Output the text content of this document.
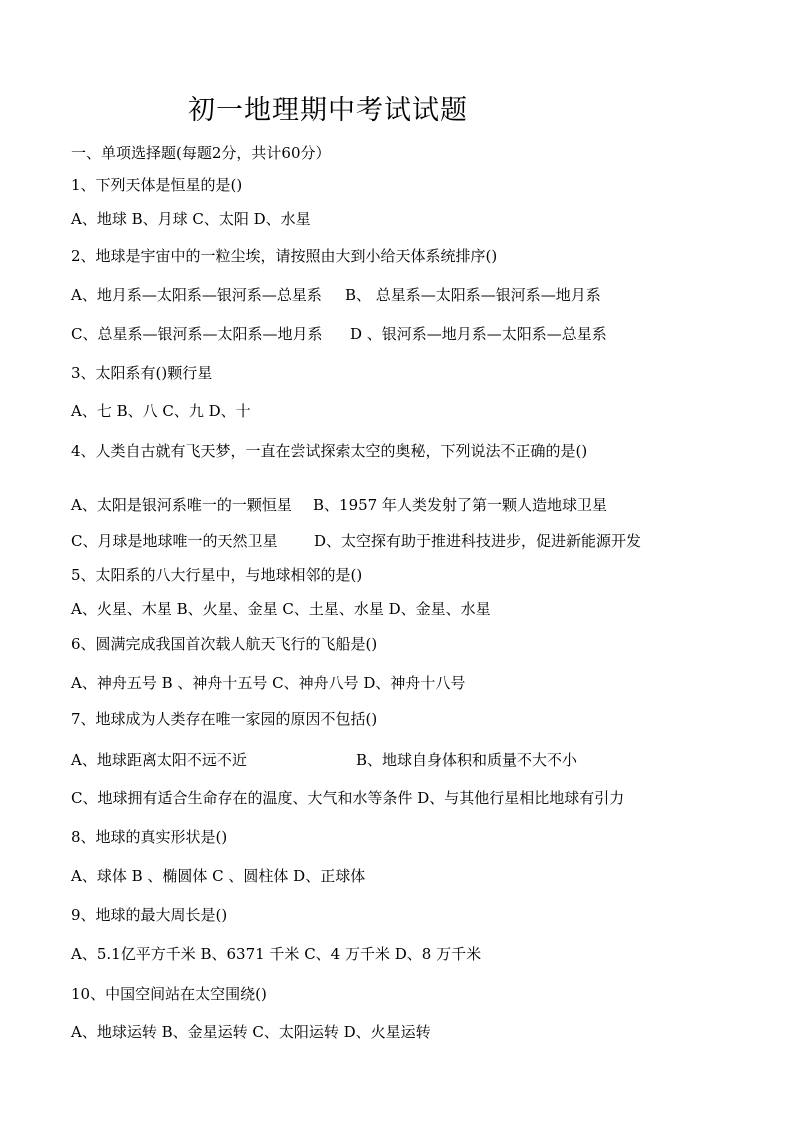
初一地理期中考试试题
一、单项选择题(每题2分，共计60分）
1、下列天体是恒星的是()
A、地球 B、月球 C、太阳 D、水星
2、地球是宇宙中的一粒尘埃，请按照由大到小给天体系统排序()
A、地月系—太阳系—银河系—总星系 B、 总星系—太阳系—银河系—地月系
C、总星系—银河系—太阳系—地月系 D 、银河系—地月系—太阳系—总星系
3、太阳系有()颗行星
A、七 B、八 C、九 D、十
4、人类自古就有飞天梦，一直在尝试探索太空的奥秘，下列说法不正确的是()
A、太阳是银河系唯一的一颗恒星 B、1957 年人类发射了第一颗人造地球卫星
C、月球是地球唯一的天然卫星 D、太空探有助于推进科技进步，促进新能源开发
5、太阳系的八大行星中，与地球相邻的是()
A、火星、木星 B、火星、金星 C、土星、水星 D、金星、水星
6、圆满完成我国首次载人航天飞行的飞船是()
A、神舟五号 B 、神舟十五号 C、神舟八号 D、神舟十八号
7、地球成为人类存在唯一家园的原因不包括()
A、地球距离太阳不远不近	B、地球自身体积和质量不大不小
C、地球拥有适合生命存在的温度、大气和水等条件 D、与其他行星相比地球有引力
8、地球的真实形状是()
A、球体 B 、椭圆体 C 、圆柱体 D、正球体
9、地球的最大周长是()
A、5.1亿平方千米 B、6371 千米 C、4 万千米 D、8 万千米
10、中国空间站在太空围绕()
A、地球运转 B、金星运转 C、太阳运转 D、火星运转
